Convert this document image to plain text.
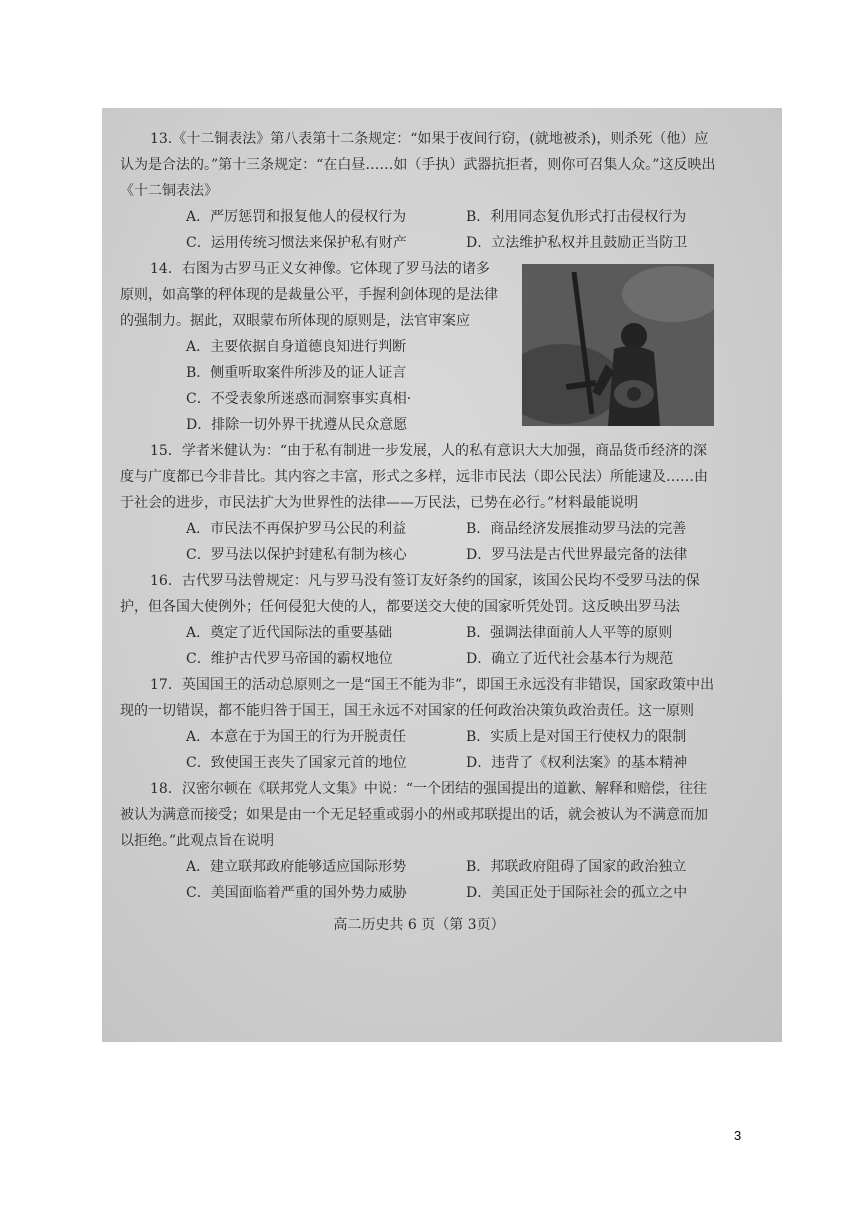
13.《十二铜表法》第八表第十二条规定：“如果于夜间行窃，(就地被杀)，则杀死（他）应认为是合法的。”第十三条规定：“在白昼……如（手执）武器抗拒者，则你可召集人众。”这反映出《十二铜表法》

A．严厉惩罚和报复他人的侵权行为	B．利用同态复仇形式打击侵权行为
C．运用传统习惯法来保护私有财产	D．立法维护私权并且鼓励正当防卫

14．右图为古罗马正义女神像。它体现了罗马法的诸多原则，如高擎的秤体现的是裁量公平，手握利剑体现的是法律的强制力。据此，双眼蒙布所体现的原则是，法官审案应

A．主要依据自身道德良知进行判断
B．侧重听取案件所涉及的证人证言
C．不受表象所迷惑而洞察事实真相·
D．排除一切外界干扰遵从民众意愿

15．学者米健认为：“由于私有制进一步发展，人的私有意识大大加强，商品货币经济的深度与广度都已今非昔比。其内容之丰富，形式之多样，远非市民法（即公民法）所能逮及……由于社会的进步，市民法扩大为世界性的法律——万民法，已势在必行。”材料最能说明

A．市民法不再保护罗马公民的利益	B．商品经济发展推动罗马法的完善
C．罗马法以保护封建私有制为核心	D．罗马法是古代世界最完备的法律

16．古代罗马法曾规定：凡与罗马没有签订友好条约的国家，该国公民均不受罗马法的保护，但各国大使例外；任何侵犯大使的人，都要送交大使的国家听凭处罚。这反映出罗马法

A．奠定了近代国际法的重要基础	B．强调法律面前人人平等的原则
C．维护古代罗马帝国的霸权地位	D．确立了近代社会基本行为规范

17．英国国王的活动总原则之一是“国王不能为非”，即国王永远没有非错误，国家政策中出现的一切错误，都不能归咎于国王，国王永远不对国家的任何政治决策负政治责任。这一原则

A．本意在于为国王的行为开脱责任	B．实质上是对国王行使权力的限制
C．致使国王丧失了国家元首的地位	D．违背了《权利法案》的基本精神

18．汉密尔顿在《联邦党人文集》中说：“一个团结的强国提出的道歉、解释和赔偿，往往被认为满意而接受；如果是由一个无足轻重或弱小的州或邦联提出的话，就会被认为不满意而加以拒绝。”此观点旨在说明

A．建立联邦政府能够适应国际形势	B．邦联政府阻碍了国家的政治独立
C．美国面临着严重的国外势力威胁	D．美国正处于国际社会的孤立之中
高二历史共 6 页（第 3页）
3
